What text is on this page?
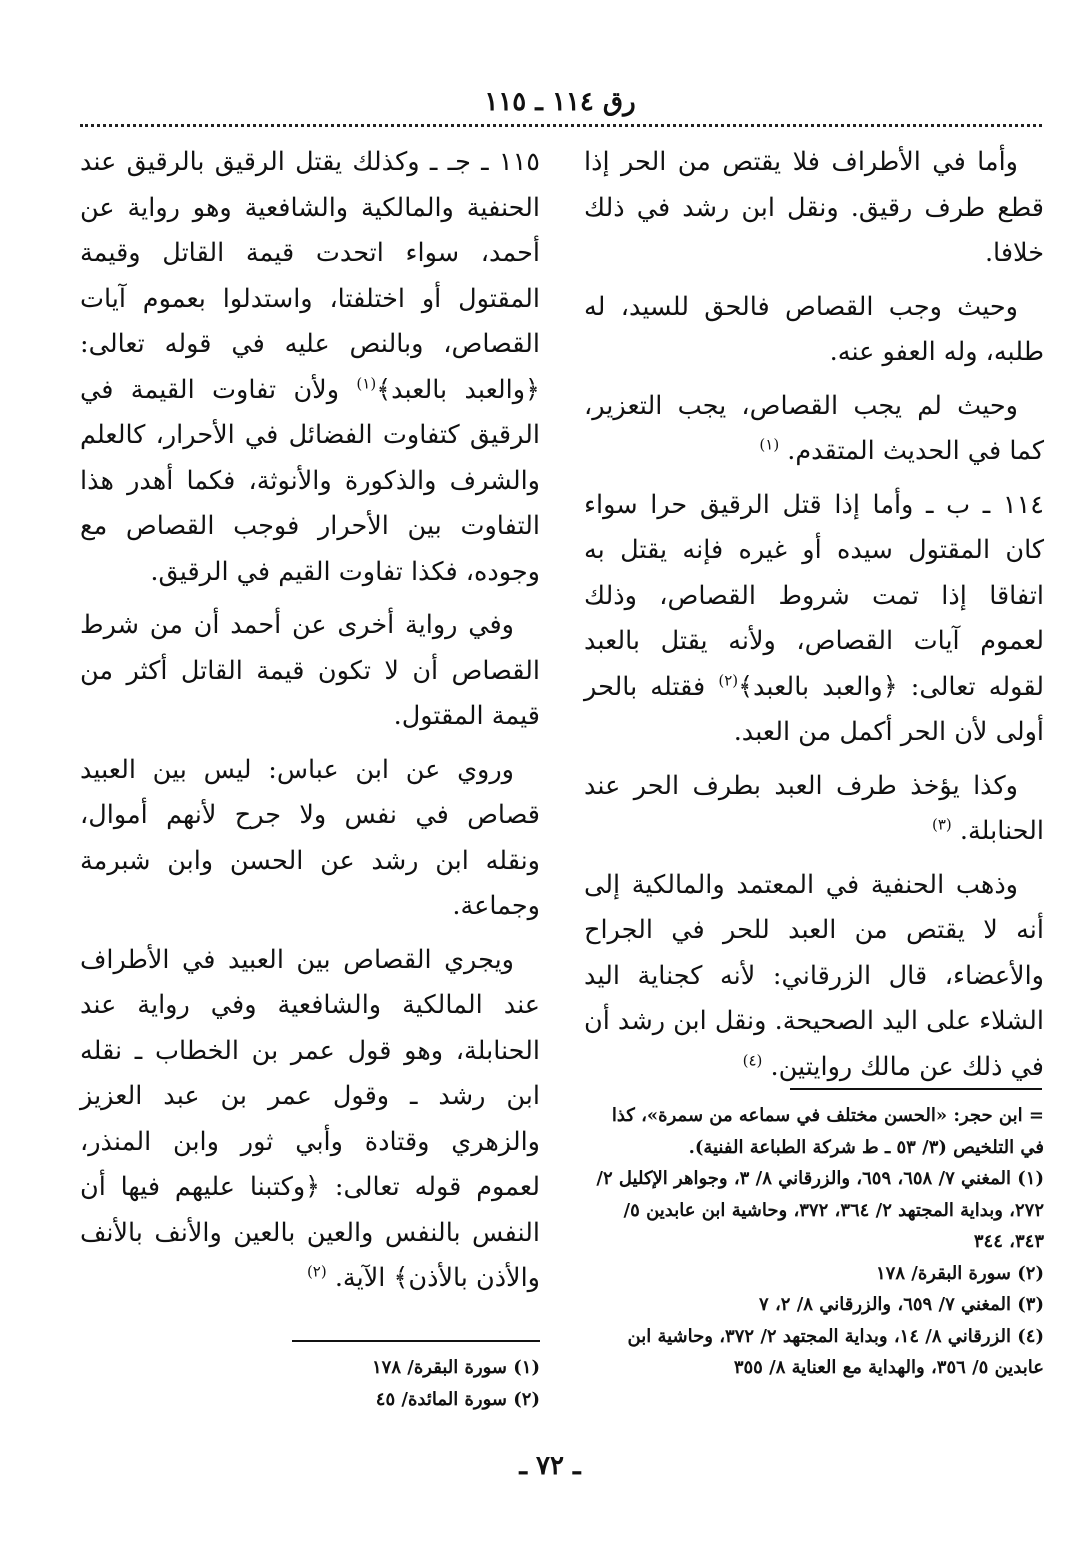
رق ١١٤ ـ ١١٥

وأما في الأطراف فلا يقتص من الحر إذا قطع طرف رقيق. ونقل ابن رشد في ذلك خلافا.

وحيث وجب القصاص فالحق للسيد، له طلبه، وله العفو عنه.

وحيث لم يجب القصاص، يجب التعزير، كما في الحديث المتقدم. $^{(١)}$

١١٤ ـ ب ـ وأما إذا قتل الرقيق حرا سواء كان المقتول سيده أو غيره فإنه يقتل به اتفاقا إذا تمت شروط القصاص، وذلك لعموم آيات القصاص، ولأنه يقتل بالعبد لقوله تعالى: ﴿والعبد بالعبد﴾$^{(٢)}$ فقتله بالحر أولى لأن الحر أكمل من العبد.

وكذا يؤخذ طرف العبد بطرف الحر عند الحنابلة. $^{(٣)}$

وذهب الحنفية في المعتمد والمالكية إلى أنه لا يقتص من العبد للحر في الجراح والأعضاء، قال الزرقاني: لأنه كجناية اليد الشلاء على اليد الصحيحة. ونقل ابن رشد أن في ذلك عن مالك روايتين. $^{(٤)}$

١١٥ ـ جـ ـ وكذلك يقتل الرقيق بالرقيق عند الحنفية والمالكية والشافعية وهو رواية عن أحمد، سواء اتحدت قيمة القاتل وقيمة المقتول أو اختلفتا، واستدلوا بعموم آيات القصاص، وبالنص عليه في قوله تعالى: ﴿والعبد بالعبد﴾$^{(١)}$ ولأن تفاوت القيمة في الرقيق كتفاوت الفضائل في الأحرار، كالعلم والشرف والذكورة والأنوثة، فكما أهدر هذا التفاوت بين الأحرار فوجب القصاص مع وجوده، فكذا تفاوت القيم في الرقيق.

وفي رواية أخرى عن أحمد أن من شرط القصاص أن لا تكون قيمة القاتل أكثر من قيمة المقتول.

وروي عن ابن عباس: ليس بين العبيد قصاص في نفس ولا جرح لأنهم أموال، ونقله ابن رشد عن الحسن وابن شبرمة وجماعة.

ويجري القصاص بين العبيد في الأطراف عند المالكية والشافعية وفي رواية عند الحنابلة، وهو قول عمر بن الخطاب ـ نقله ابن رشد ـ وقول عمر بن عبد العزيز والزهري وقتادة وأبي ثور وابن المنذر، لعموم قوله تعالى: ﴿وكتبنا عليهم فيها أن النفس بالنفس والعين بالعين والأنف بالأنف والأذن بالأذن﴾ الآية. $^{(٢)}$

= ابن حجر: «الحسن مختلف في سماعه من سمرة»، كذا في التلخيص (٣/ ٥٣ ـ ط شركة الطباعة الفنية).

(١) المغني ٧/ ٦٥٨، ٦٥٩، والزرقاني ٨/ ٣، وجواهر الإكليل ٢/ ٢٧٢، وبداية المجتهد ٢/ ٣٦٤، ٣٧٢، وحاشية ابن عابدين ٥/ ٣٤٣، ٣٤٤

(٢) سورة البقرة/ ١٧٨

(٣) المغني ٧/ ٦٥٩، والزرقاني ٨/ ٢، ٧

(٤) الزرقاني ٨/ ١٤، وبداية المجتهد ٢/ ٣٧٢، وحاشية ابن عابدين ٥/ ٣٥٦، والهداية مع العناية ٨/ ٣٥٥

(١) سورة البقرة/ ١٧٨

(٢) سورة المائدة/ ٤٥

ـ ٧٢ ـ
